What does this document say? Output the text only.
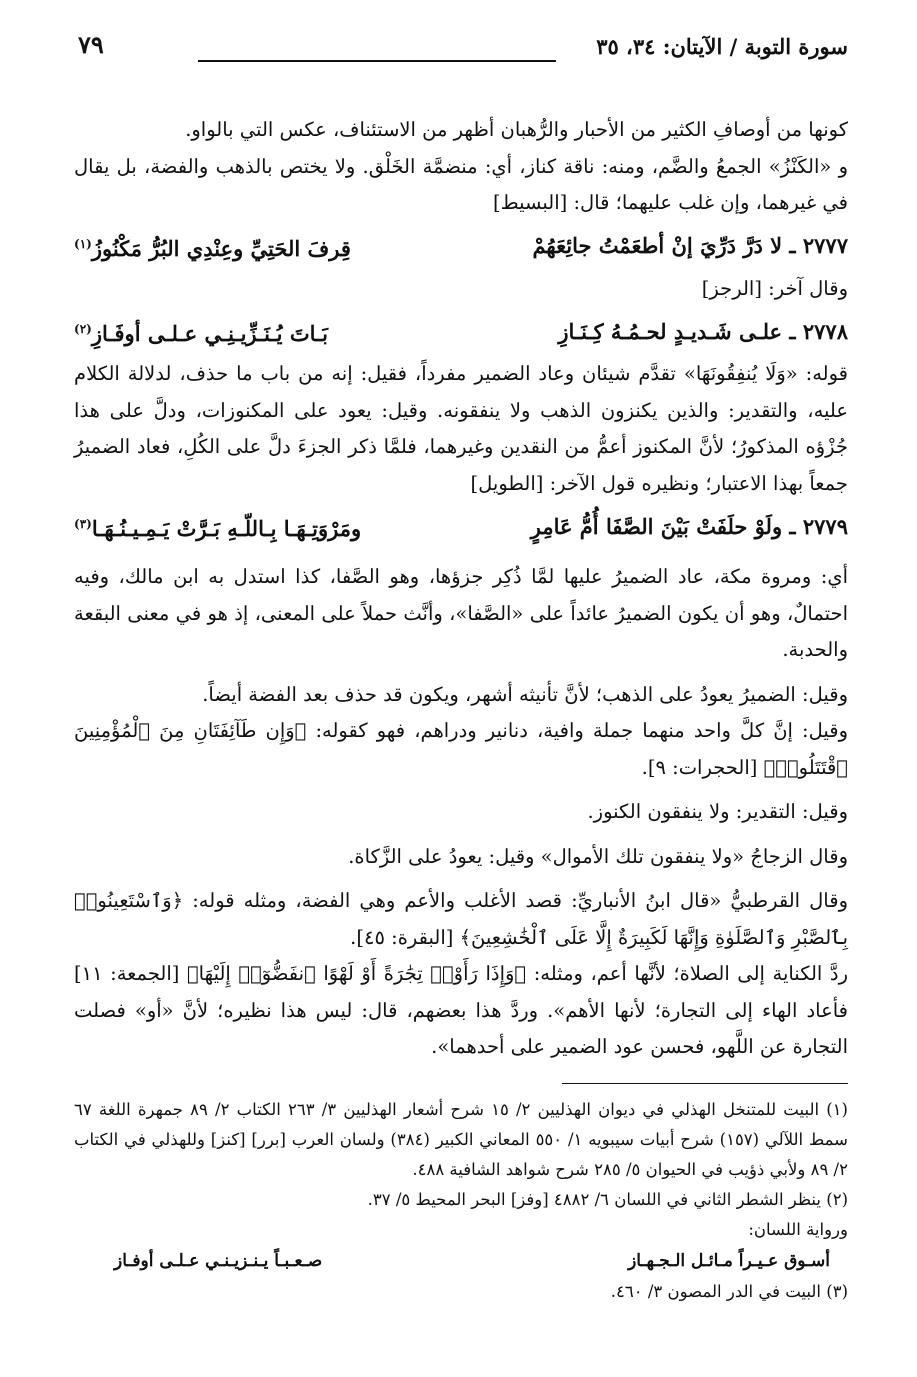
سورة التوبة / الآيتان: ٣٤، ٣٥
٧٩

كونها من أوصافِ الكثير من الأحبار والرُّهبان أظهر من الاستئناف، عكس التي بالواو.

و «الكَنْزُ» الجمعُ والضَّم، ومنه: ناقة كناز، أي: منضمَّة الخَلْق. ولا يختص بالذهب والفضة، بل يقال في غيرهما، وإن غلب عليهما؛ قال: [البسيط]

٢٧٧٧ ـ لا دَرَّ دَرِّيَ إنْ أطعَمْتُ جائِعَهُمْ
قِرفَ الحَتِيِّ وعِنْدِي البُرُّ مَكْنُوزُ$^{(١)}$

وقال آخر: [الرجز]

٢٧٧٨ ـ علـى شَـديـدٍ لحـمُـهُ كِـنَـازِ
بَـاتَ يُـنَـزِّيـنِـي عـلـى أوفَـازِ$^{(٢)}$

قوله: «وَلَا يُنفِقُونَهَا» تقدَّم شيئان وعاد الضمير مفرداً، فقيل: إنه من باب ما حذف، لدلالة الكلام عليه، والتقدير: والذين يكنزون الذهب ولا ينفقونه. وقيل: يعود على المكنوزات، ودلَّ على هذا جُزْؤه المذكورُ؛ لأنَّ المكنوز أعمُّ من النقدين وغيرهما، فلمَّا ذكر الجزءَ دلَّ على الكُلِ، فعاد الضميرُ جمعاً بهذا الاعتبار؛ ونظيره قول الآخر: [الطويل]

٢٧٧٩ ـ ولَوْ حلَفَتْ بَيْنَ الصَّفَا أُمُّ عَامِرٍ
ومَرْوَتِـهَـا بِـاللّـهِ بَـرَّتْ يَـمِـيـنُـهَـا$^{(٣)}$

أي: ومروة مكة، عاد الضميرُ عليها لمَّا ذُكِر جزؤها، وهو الصَّفا، كذا استدل به ابن مالك، وفيه احتمالٌ، وهو أن يكون الضميرُ عائداً على «الصَّفا»، وأنَّث حملاً على المعنى، إذ هو في معنى البقعة والحدبة.

وقيل: الضميرُ يعودُ على الذهب؛ لأنَّ تأنيثه أشهر، ويكون قد حذف بعد الفضة أيضاً.

وقيل: إنَّ كلَّ واحد منهما جملة وافية، دنانير ودراهم، فهو كقوله: ﴿وَإِن طَآئِفَتَانِ مِنَ ٱلْمُؤْمِنِينَ ٱقْتَتَلُوا۟﴾ [الحجرات: ٩].

وقيل: التقدير: ولا ينفقون الكنوز.

وقال الزجاجُ «ولا ينفقون تلك الأموال» وقيل: يعودُ على الزَّكاة.

وقال القرطبيُّ «قال ابنُ الأنباريِّ: قصد الأغلب والأعم وهي الفضة، ومثله قوله: ﴿وَٱسْتَعِينُوا۟ بِٱلصَّبْرِ وَٱلصَّلَوٰةِ وَإِنَّهَا لَكَبِيرَةٌ إِلَّا عَلَى ٱلْخَٰشِعِينَ﴾ [البقرة: ٤٥].

ردَّ الكناية إلى الصلاة؛ لأنَّها أعم، ومثله: ﴿وَإِذَا رَأَوْا۟ تِجَٰرَةً أَوْ لَهْوًا ٱنفَضُّوٓا۟ إِلَيْهَا﴾ [الجمعة: ١١] فأعاد الهاء إلى التجارة؛ لأنها الأهم». وردَّ هذا بعضهم، قال: ليس هذا نظيره؛ لأنَّ «أو» فصلت التجارة عن اللَّهو، فحسن عود الضمير على أحدهما».

(١) البيت للمتنخل الهذلي في ديوان الهذليين ٢/ ١٥ شرح أشعار الهذليين ٣/ ٢٦٣ الكتاب ٢/ ٨٩ جمهرة اللغة ٦٧ سمط اللآلي (١٥٧) شرح أبيات سيبويه ١/ ٥٥٠ المعاني الكبير (٣٨٤) ولسان العرب [برر] [كنز] وللهذلي في الكتاب ٢/ ٨٩ ولأبي ذؤيب في الحيوان ٥/ ٢٨٥ شرح شواهد الشافية ٤٨٨.

(٢) ينظر الشطر الثاني في اللسان ٦/ ٤٨٨٢ [وفز] البحر المحيط ٥/ ٣٧.

ورواية اللسان:

أسـوق عـيـراً مـائـل الـجـهـاز
صـعـبـاً يـنـزيـنـي عـلـى أوفـاز

(٣) البيت في الدر المصون ٣/ ٤٦٠.
